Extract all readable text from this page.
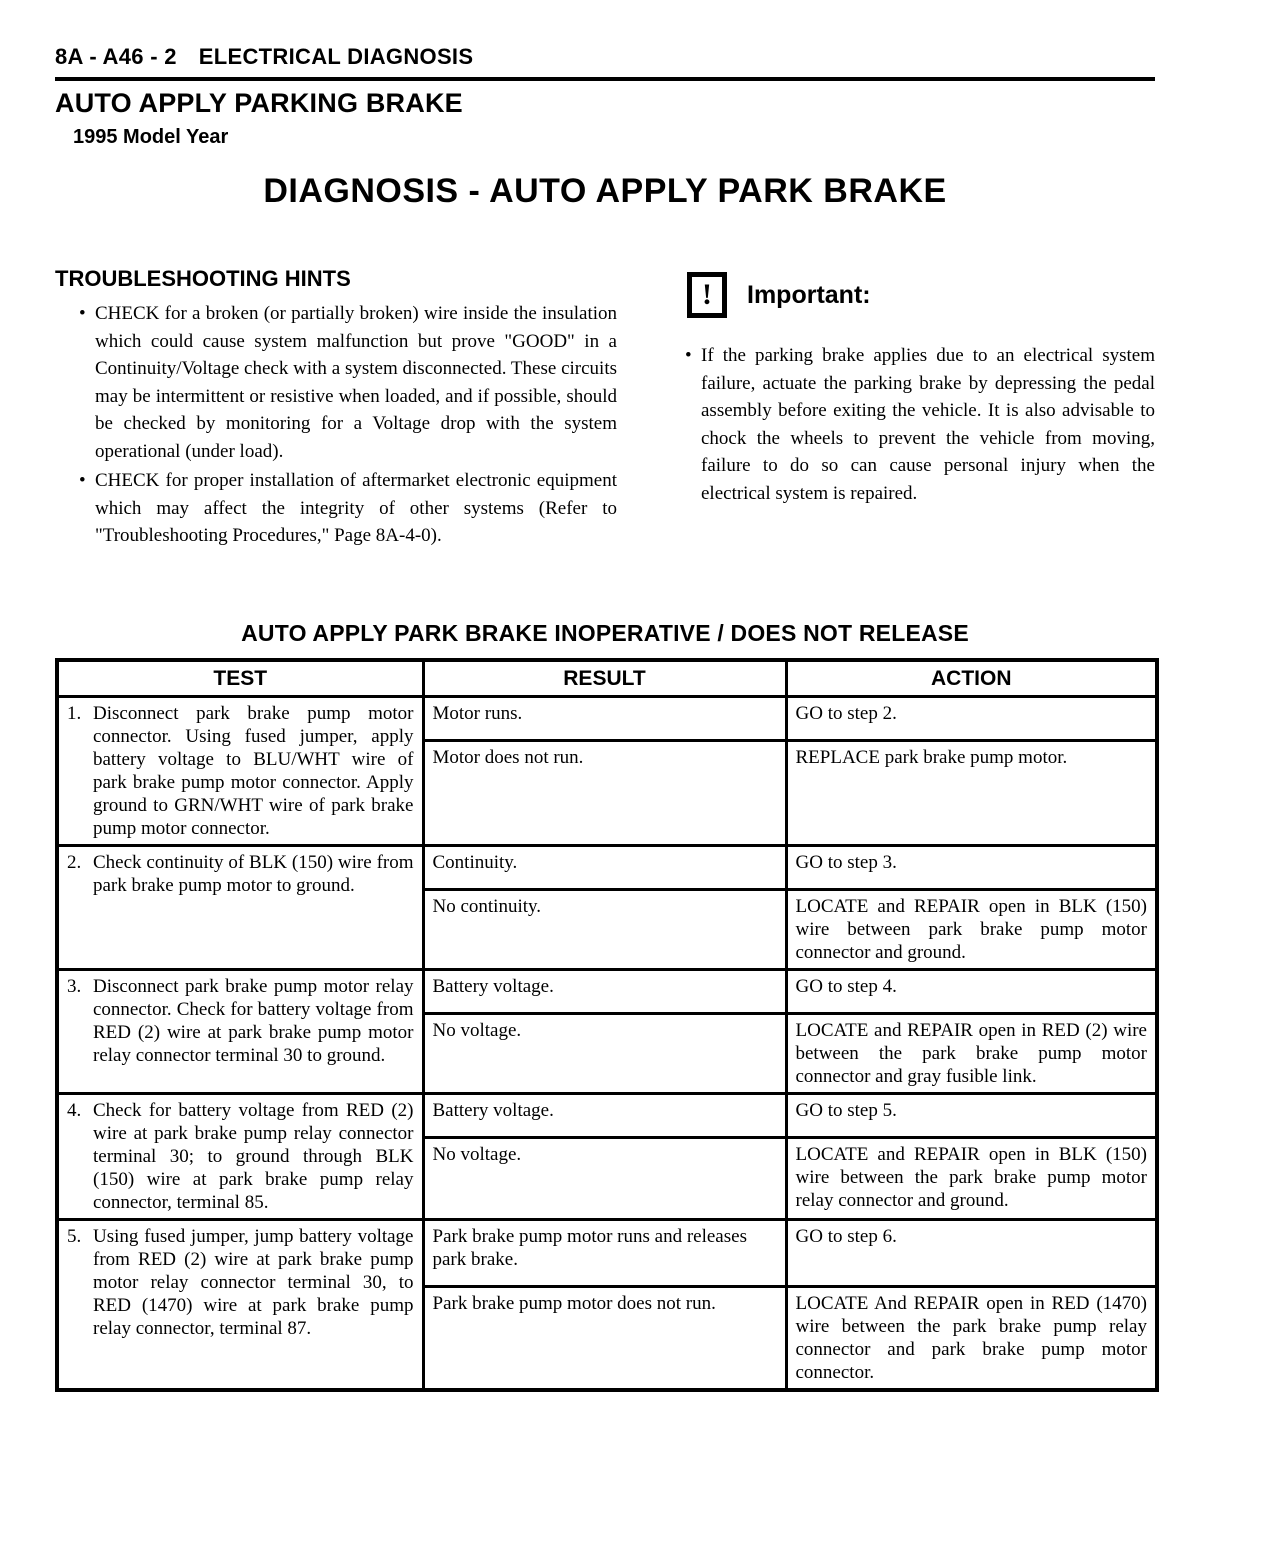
8A - A46 - 2 ELECTRICAL DIAGNOSIS
AUTO APPLY PARKING BRAKE
1995 Model Year
DIAGNOSIS - AUTO APPLY PARK BRAKE
TROUBLESHOOTING HINTS

• CHECK for a broken (or partially broken) wire inside the insulation which could cause system malfunction but prove "GOOD" in a Continuity/Voltage check with a system disconnected. These circuits may be intermittent or resistive when loaded, and if possible, should be checked by monitoring for a Voltage drop with the system operational (under load).

• CHECK for proper installation of aftermarket electronic equipment which may affect the integrity of other systems (Refer to "Troubleshooting Procedures," Page 8A-4-0).

!	Important:

• If the parking brake applies due to an electrical system failure, actuate the parking brake by depressing the pedal assembly before exiting the vehicle. It is also advisable to chock the wheels to prevent the vehicle from moving, failure to do so can cause personal injury when the electrical system is repaired.

AUTO APPLY PARK BRAKE INOPERATIVE / DOES NOT RELEASE
TEST	RESULT	ACTION

1. Disconnect park brake pump motor connector. Using fused jumper, apply battery voltage to BLU/WHT wire of park brake pump motor connector. Apply ground to GRN/WHT wire of park brake pump motor connector.	Motor runs.	GO to step 2.
	Motor does not run.	REPLACE park brake pump motor.

2. Check continuity of BLK (150) wire from park brake pump motor to ground.	Continuity.	GO to step 3.
	No continuity.	LOCATE and REPAIR open in BLK (150) wire between park brake pump motor connector and ground.

3. Disconnect park brake pump motor relay connector. Check for battery voltage from RED (2) wire at park brake pump motor relay connector terminal 30 to ground.	Battery voltage.	GO to step 4.
	No voltage.	LOCATE and REPAIR open in RED (2) wire between the park brake pump motor connector and gray fusible link.

4. Check for battery voltage from RED (2) wire at park brake pump relay connector terminal 30; to ground through BLK (150) wire at park brake pump relay connector, terminal 85.	Battery voltage.	GO to step 5.
	No voltage.	LOCATE and REPAIR open in BLK (150) wire between the park brake pump motor relay connector and ground.

5. Using fused jumper, jump battery voltage from RED (2) wire at park brake pump motor relay connector terminal 30, to RED (1470) wire at park brake pump relay connector, terminal 87.	Park brake pump motor runs and releases park brake.	GO to step 6.
	Park brake pump motor does not run.	LOCATE And REPAIR open in RED (1470) wire between the park brake pump relay connector and park brake pump motor connector.
